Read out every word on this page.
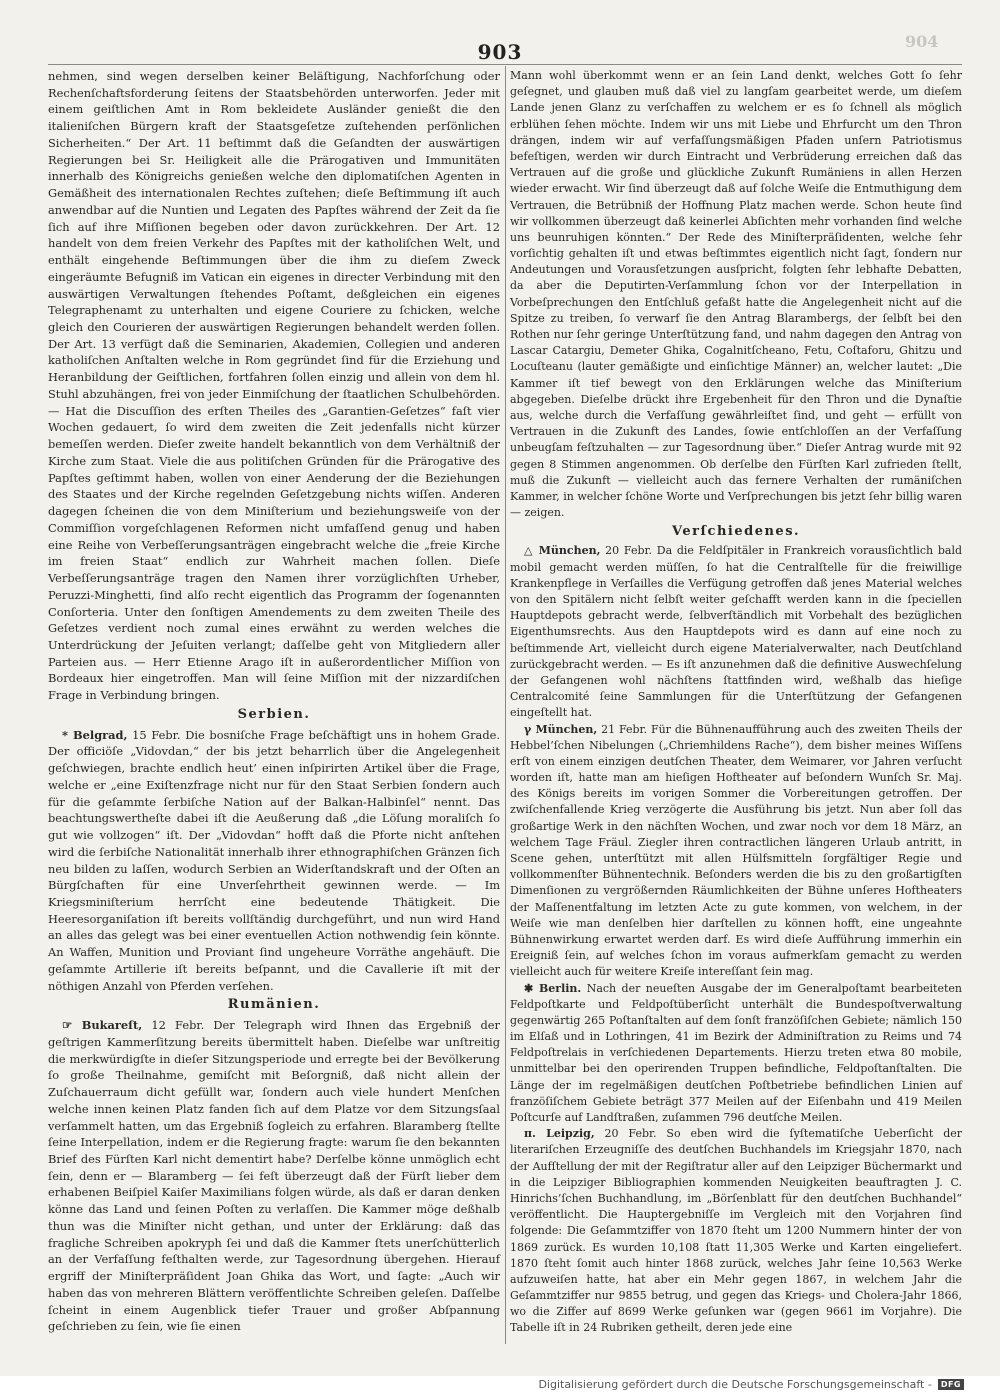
904
903

nehmen, sind wegen derselben keiner Beläſtigung, Nachforſchung oder Rechenſchaftsforderung ſeitens der Staatsbehörden unterworfen. Jeder mit einem geiſtlichen Amt in Rom bekleidete Ausländer genießt die den italieniſchen Bürgern kraft der Staatsgeſetze zuſtehenden perſönlichen Sicherheiten.“ Der Art. 11 beſtimmt daß die Geſandten der auswärtigen Regierungen bei Sr. Heiligkeit alle die Prärogativen und Immunitäten innerhalb des Königreichs genießen welche den diplomatiſchen Agenten in Gemäßheit des internationalen Rechtes zuſtehen; dieſe Beſtimmung iſt auch anwendbar auf die Nuntien und Legaten des Papſtes während der Zeit da ſie ſich auf ihre Miſſionen begeben oder davon zurückkehren. Der Art. 12 handelt von dem freien Verkehr des Papſtes mit der katholiſchen Welt, und enthält eingehende Beſtimmungen über die ihm zu dieſem Zweck eingeräumte Befugniß im Vatican ein eigenes in directer Verbindung mit den auswärtigen Verwaltungen ſtehendes Poſtamt, deßgleichen ein eigenes Telegraphenamt zu unterhalten und eigene Couriere zu ſchicken, welche gleich den Courieren der auswärtigen Regierungen behandelt werden ſollen. Der Art. 13 verfügt daß die Seminarien, Akademien, Collegien und anderen katholiſchen Anſtalten welche in Rom gegründet ſind für die Erziehung und Heranbildung der Geiſtlichen, fortfahren ſollen einzig und allein von dem hl. Stuhl abzuhängen, frei von jeder Einmiſchung der ſtaatlichen Schulbehörden. — Hat die Discuſſion des erſten Theiles des „Garantien-Geſetzes“ faſt vier Wochen gedauert, ſo wird dem zweiten die Zeit jedenfalls nicht kürzer bemeſſen werden. Dieſer zweite handelt bekanntlich von dem Verhältniß der Kirche zum Staat. Viele die aus politiſchen Gründen für die Prärogative des Papſtes geſtimmt haben, wollen von einer Aenderung der die Beziehungen des Staates und der Kirche regelnden Geſetzgebung nichts wiſſen. Anderen dagegen ſcheinen die von dem Miniſterium und beziehungsweiſe von der Commiſſion vorgeſchlagenen Reformen nicht umfaſſend genug und haben eine Reihe von Verbeſſerungsanträgen eingebracht welche die „freie Kirche im freien Staat“ endlich zur Wahrheit machen ſollen. Dieſe Verbeſſerungsanträge tragen den Namen ihrer vorzüglichſten Urheber, Peruzzi-Minghetti, ſind alſo recht eigentlich das Programm der ſogenannten Conſorteria. Unter den ſonſtigen Amendements zu dem zweiten Theile des Geſetzes verdient noch zumal eines erwähnt zu werden welches die Unterdrückung der Jeſuiten verlangt; daſſelbe geht von Mitgliedern aller Parteien aus. — Herr Etienne Arago iſt in außerordentlicher Miſſion von Bordeaux hier eingetroffen. Man will ſeine Miſſion mit der nizzardiſchen Frage in Verbindung bringen.

Serbien.

* Belgrad, 15 Febr. Die bosniſche Frage beſchäftigt uns in hohem Grade. Der officiöſe „Vidovdan,“ der bis jetzt beharrlich über die Angelegenheit geſchwiegen, brachte endlich heut’ einen inſpirirten Artikel über die Frage, welche er „eine Exiſtenzfrage nicht nur für den Staat Serbien ſondern auch für die geſammte ſerbiſche Nation auf der Balkan-Halbinſel“ nennt. Das beachtungswertheſte dabei iſt die Aeußerung daß „die Löſung moraliſch ſo gut wie vollzogen“ iſt. Der „Vidovdan“ hofft daß die Pforte nicht anſtehen wird die ſerbiſche Nationalität innerhalb ihrer ethnographiſchen Gränzen ſich neu bilden zu laſſen, wodurch Serbien an Widerſtandskraft und der Oſten an Bürgſchaften für eine Unverſehrtheit gewinnen werde. — Im Kriegsminiſterium herrſcht eine bedeutende Thätigkeit. Die Heeresorganiſation iſt bereits vollſtändig durchgeführt, und nun wird Hand an alles das gelegt was bei einer eventuellen Action nothwendig ſein könnte. An Waffen, Munition und Proviant ſind ungeheure Vorräthe angehäuft. Die geſammte Artillerie iſt bereits beſpannt, und die Cavallerie iſt mit der nöthigen Anzahl von Pferden verſehen.

Rumänien.

☞ Bukareſt, 12 Febr. Der Telegraph wird Ihnen das Ergebniß der geſtrigen Kammerſitzung bereits übermittelt haben. Dieſelbe war unſtreitig die merkwürdigſte in dieſer Sitzungsperiode und erregte bei der Bevölkerung ſo große Theilnahme, gemiſcht mit Beſorgniß, daß nicht allein der Zuſchauerraum dicht gefüllt war, ſondern auch viele hundert Menſchen welche innen keinen Platz fanden ſich auf dem Platze vor dem Sitzungsſaal verſammelt hatten, um das Ergebniß ſogleich zu erfahren. Blaramberg ſtellte ſeine Interpellation, indem er die Regierung fragte: warum ſie den bekannten Brief des Fürſten Karl nicht dementirt habe? Derſelbe könne unmöglich echt ſein, denn er — Blaramberg — ſei feſt überzeugt daß der Fürſt lieber dem erhabenen Beiſpiel Kaiſer Maximilians folgen würde, als daß er daran denken könne das Land und ſeinen Poſten zu verlaſſen. Die Kammer möge deßhalb thun was die Miniſter nicht gethan, und unter der Erklärung: daß das fragliche Schreiben apokryph ſei und daß die Kammer ſtets unerſchütterlich an der Verfaſſung feſthalten werde, zur Tagesordnung übergehen. Hierauf ergriff der Miniſterpräſident Joan Ghika das Wort, und ſagte: „Auch wir haben das von mehreren Blättern veröffentlichte Schreiben geleſen. Daſſelbe ſcheint in einem Augenblick tiefer Trauer und großer Abſpannung geſchrieben zu ſein, wie ſie einen

Mann wohl überkommt wenn er an ſein Land denkt, welches Gott ſo ſehr geſegnet, und glauben muß daß viel zu langſam gearbeitet werde, um dieſem Lande jenen Glanz zu verſchaffen zu welchem er es ſo ſchnell als möglich erblühen ſehen möchte. Indem wir uns mit Liebe und Ehrfurcht um den Thron drängen, indem wir auf verfaſſungsmäßigen Pfaden unſern Patriotismus befeſtigen, werden wir durch Eintracht und Verbrüderung erreichen daß das Vertrauen auf die große und glückliche Zukunft Rumäniens in allen Herzen wieder erwacht. Wir ſind überzeugt daß auf ſolche Weiſe die Entmuthigung dem Vertrauen, die Betrübniß der Hoffnung Platz machen werde. Schon heute ſind wir vollkommen überzeugt daß keinerlei Abſichten mehr vorhanden ſind welche uns beunruhigen könnten.“ Der Rede des Miniſterpräſidenten, welche ſehr vorſichtig gehalten iſt und etwas beſtimmtes eigentlich nicht ſagt, ſondern nur Andeutungen und Vorausſetzungen ausſpricht, folgten ſehr lebhafte Debatten, da aber die Deputirten-Verſammlung ſchon vor der Interpellation in Vorbeſprechungen den Entſchluß gefaßt hatte die Angelegenheit nicht auf die Spitze zu treiben, ſo verwarf ſie den Antrag Blarambergs, der ſelbſt bei den Rothen nur ſehr geringe Unterſtützung fand, und nahm dagegen den Antrag von Lascar Catargiu, Demeter Ghika, Cogalnitſcheano, Fetu, Coſtaforu, Ghitzu und Locuſteanu (lauter gemäßigte und einſichtige Männer) an, welcher lautet: „Die Kammer iſt tief bewegt von den Erklärungen welche das Miniſterium abgegeben. Dieſelbe drückt ihre Ergebenheit für den Thron und die Dynaſtie aus, welche durch die Verfaſſung gewährleiſtet ſind, und geht — erfüllt von Vertrauen in die Zukunft des Landes, ſowie entſchloſſen an der Verfaſſung unbeugſam feſtzuhalten — zur Tagesordnung über.“ Dieſer Antrag wurde mit 92 gegen 8 Stimmen angenommen. Ob derſelbe den Fürſten Karl zufrieden ſtellt, muß die Zukunft — vielleicht auch das fernere Verhalten der rumäniſchen Kammer, in welcher ſchöne Worte und Verſprechungen bis jetzt ſehr billig waren — zeigen.

Verſchiedenes.

△ München, 20 Febr. Da die Feldſpitäler in Frankreich vorausſichtlich bald mobil gemacht werden müſſen, ſo hat die Centralſtelle für die freiwillige Krankenpflege in Verſailles die Verfügung getroffen daß jenes Material welches von den Spitälern nicht ſelbſt weiter geſchafft werden kann in die ſpeciellen Hauptdepots gebracht werde, ſelbverſtändlich mit Vorbehalt des bezüglichen Eigenthumsrechts. Aus den Hauptdepots wird es dann auf eine noch zu beſtimmende Art, vielleicht durch eigene Materialverwalter, nach Deutſchland zurückgebracht werden. — Es iſt anzunehmen daß die definitive Auswechſelung der Gefangenen wohl nächſtens ſtattfinden wird, weßhalb das hieſige Centralcomité ſeine Sammlungen für die Unterſtützung der Gefangenen eingeſtellt hat.

γ München, 21 Febr. Für die Bühnenaufführung auch des zweiten Theils der Hebbel’ſchen Nibelungen („Chriemhildens Rache“), dem bisher meines Wiſſens erſt von einem einzigen deutſchen Theater, dem Weimarer, vor Jahren verſucht worden iſt, hatte man am hieſigen Hoftheater auf beſondern Wunſch Sr. Maj. des Königs bereits im vorigen Sommer die Vorbereitungen getroffen. Der zwiſchenfallende Krieg verzögerte die Ausführung bis jetzt. Nun aber ſoll das großartige Werk in den nächſten Wochen, und zwar noch vor dem 18 März, an welchem Tage Fräul. Ziegler ihren contractlichen längeren Urlaub antritt, in Scene gehen, unterſtützt mit allen Hülfsmitteln ſorgfältiger Regie und vollkommenſter Bühnentechnik. Beſonders werden die bis zu den großartigſten Dimenſionen zu vergrößernden Räumlichkeiten der Bühne unſeres Hoftheaters der Maſſenentfaltung im letzten Acte zu gute kommen, von welchem, in der Weiſe wie man denſelben hier darſtellen zu können hofft, eine ungeahnte Bühnenwirkung erwartet werden darf. Es wird dieſe Aufführung immerhin ein Ereigniß ſein, auf welches ſchon im voraus aufmerkſam gemacht zu werden vielleicht auch für weitere Kreiſe intereſſant ſein mag.

✱ Berlin. Nach der neueſten Ausgabe der im Generalpoſtamt bearbeiteten Feldpoſtkarte und Feldpoſtüberſicht unterhält die Bundespoſtverwaltung gegenwärtig 265 Poſtanſtalten auf dem ſonſt franzöſiſchen Gebiete; nämlich 150 im Elſaß und in Lothringen, 41 im Bezirk der Adminiſtration zu Reims und 74 Feldpoſtrelais in verſchiedenen Departements. Hierzu treten etwa 80 mobile, unmittelbar bei den operirenden Truppen befindliche, Feldpoſtanſtalten. Die Länge der im regelmäßigen deutſchen Poſtbetriebe befindlichen Linien auf franzöſiſchem Gebiete beträgt 377 Meilen auf der Eiſenbahn und 419 Meilen Poſtcurſe auf Landſtraßen, zuſammen 796 deutſche Meilen.

π. Leipzig, 20 Febr. So eben wird die ſyſtematiſche Ueberſicht der literariſchen Erzeugniſſe des deutſchen Buchhandels im Kriegsjahr 1870, nach der Aufſtellung der mit der Regiſtratur aller auf den Leipziger Büchermarkt und in die Leipziger Bibliographien kommenden Neuigkeiten beauftragten J. C. Hinrichs’ſchen Buchhandlung, im „Börſenblatt für den deutſchen Buchhandel“ veröffentlicht. Die Hauptergebniſſe im Vergleich mit den Vorjahren ſind folgende: Die Geſammtziffer von 1870 ſteht um 1200 Nummern hinter der von 1869 zurück. Es wurden 10,108 ſtatt 11,305 Werke und Karten eingeliefert. 1870 ſteht ſomit auch hinter 1868 zurück, welches Jahr ſeine 10,563 Werke aufzuweiſen hatte, hat aber ein Mehr gegen 1867, in welchem Jahr die Geſammtziffer nur 9855 betrug, und gegen das Kriegs- und Cholera-Jahr 1866, wo die Ziffer auf 8699 Werke geſunken war (gegen 9661 im Vorjahre). Die Tabelle iſt in 24 Rubriken getheilt, deren jede eine

Digitalisierung gefördert durch die Deutsche Forschungsgemeinschaft -	DFG
